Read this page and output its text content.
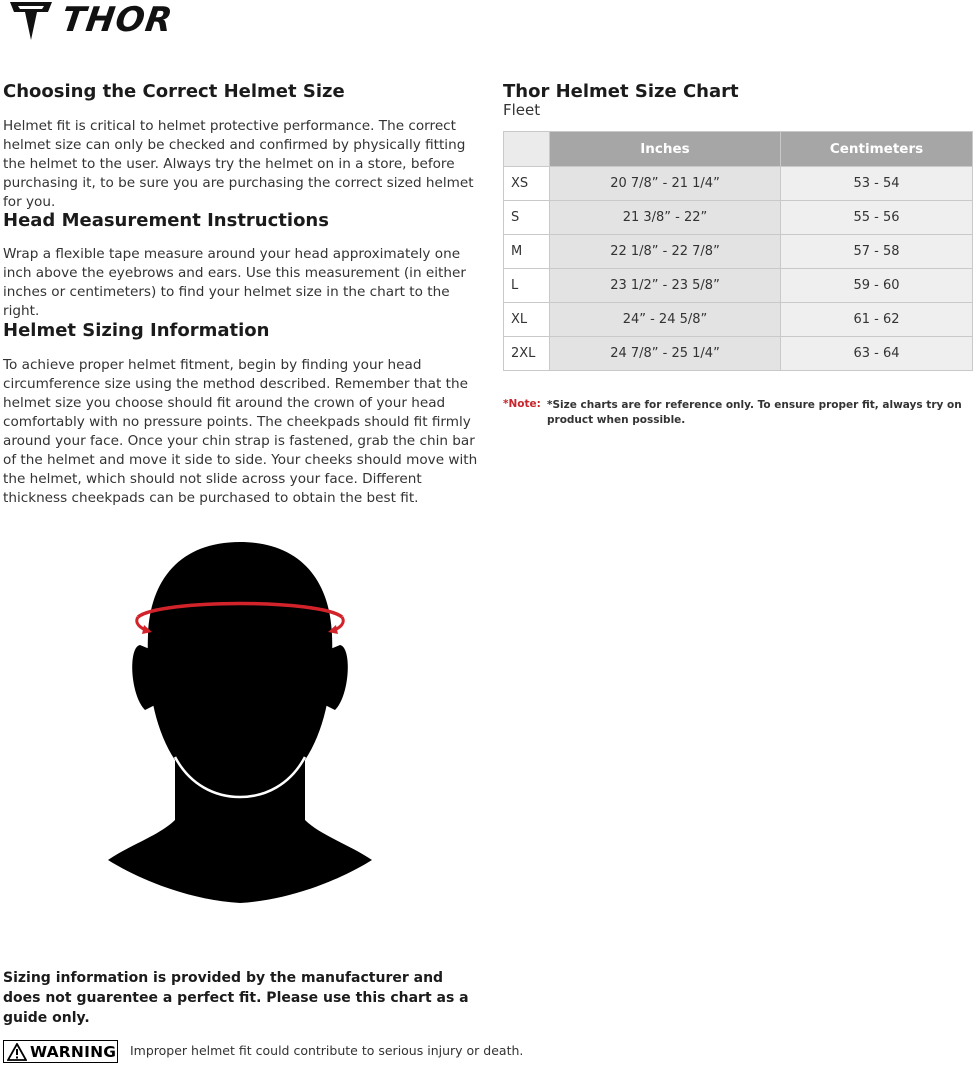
THOR
Choosing the Correct Helmet Size

Helmet fit is critical to helmet protective performance. The correct helmet size can only be checked and confirmed by physically fitting the helmet to the user. Always try the helmet on in a store, before purchasing it, to be sure you are purchasing the correct sized helmet for you.

Head Measurement Instructions

Wrap a flexible tape measure around your head approximately one inch above the eyebrows and ears. Use this measurement (in either inches or centimeters) to find your helmet size in the chart to the right.

Helmet Sizing Information

To achieve proper helmet fitment, begin by finding your head circumference size using the method described. Remember that the helmet size you choose should fit around the crown of your head comfortably with no pressure points. The cheekpads should fit firmly around your face. Once your chin strap is fastened, grab the chin bar of the helmet and move it side to side. Your cheeks should move with the helmet, which should not slide across your face. Different thickness cheekpads can be purchased to obtain the best fit.

Thor Helmet Size Chart
Fleet
	Inches	Centimeters
XS	20 7/8” - 21 1/4”	53 - 54
S	21 3/8” - 22”	55 - 56
M	22 1/8” - 22 7/8”	57 - 58
L	23 1/2” - 23 5/8”	59 - 60
XL	24” - 24 5/8”	61 - 62
2XL	24 7/8” - 25 1/4”	63 - 64
*Note: *Size charts are for reference only. To ensure proper fit, always try on product when possible.
Sizing information is provided by the manufacturer and does not guarentee a perfect fit. Please use this chart as a guide only.
WARNING Improper helmet fit could contribute to serious injury or death.
